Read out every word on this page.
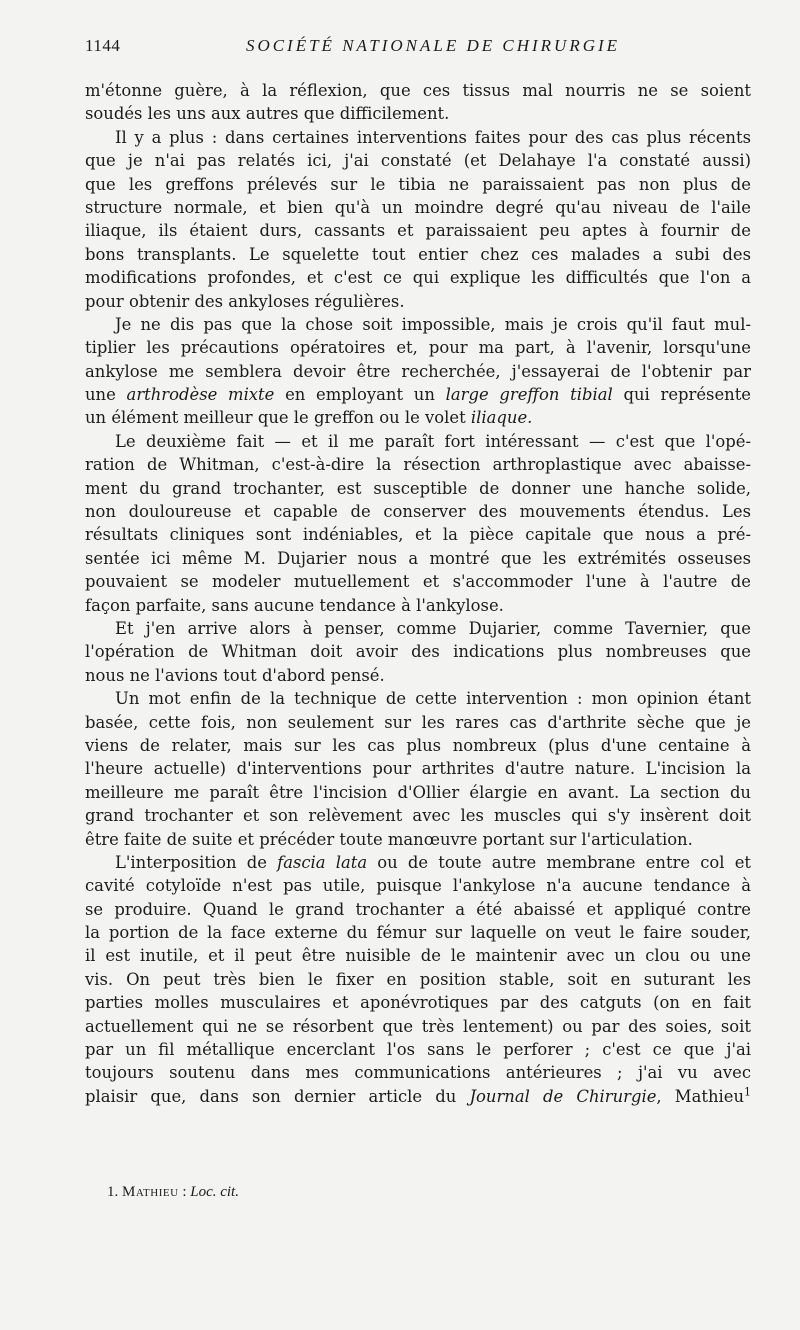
1144	SOCIÉTÉ NATIONALE DE CHIRURGIE
m'étonne guère, à la réflexion, que ces tissus mal nourris ne se soient
soudés les uns aux autres que difficilement.
Il y a plus : dans certaines interventions faites pour des cas plus récents
que je n'ai pas relatés ici, j'ai constaté (et Delahaye l'a constaté aussi)
que les greffons prélevés sur le tibia ne paraissaient pas non plus de
structure normale, et bien qu'à un moindre degré qu'au niveau de l'aile
iliaque, ils étaient durs, cassants et paraissaient peu aptes à fournir de
bons transplants. Le squelette tout entier chez ces malades a subi des
modifications profondes, et c'est ce qui explique les difficultés que l'on a
pour obtenir des ankyloses régulières.
Je ne dis pas que la chose soit impossible, mais je crois qu'il faut mul-
tiplier les précautions opératoires et, pour ma part, à l'avenir, lorsqu'une
ankylose me semblera devoir être recherchée, j'essayerai de l'obtenir par
une arthrodèse mixte en employant un large greffon tibial qui représente
un élément meilleur que le greffon ou le volet iliaque.
Le deuxième fait — et il me paraît fort intéressant — c'est que l'opé-
ration de Whitman, c'est-à-dire la résection arthroplastique avec abaisse-
ment du grand trochanter, est susceptible de donner une hanche solide,
non douloureuse et capable de conserver des mouvements étendus. Les
résultats cliniques sont indéniables, et la pièce capitale que nous a pré-
sentée ici même M. Dujarier nous a montré que les extrémités osseuses
pouvaient se modeler mutuellement et s'accommoder l'une à l'autre de
façon parfaite, sans aucune tendance à l'ankylose.
Et j'en arrive alors à penser, comme Dujarier, comme Tavernier, que
l'opération de Whitman doit avoir des indications plus nombreuses que
nous ne l'avions tout d'abord pensé.
Un mot enfin de la technique de cette intervention : mon opinion étant
basée, cette fois, non seulement sur les rares cas d'arthrite sèche que je
viens de relater, mais sur les cas plus nombreux (plus d'une centaine à
l'heure actuelle) d'interventions pour arthrites d'autre nature. L'incision la
meilleure me paraît être l'incision d'Ollier élargie en avant. La section du
grand trochanter et son relèvement avec les muscles qui s'y insèrent doit
être faite de suite et précéder toute manœuvre portant sur l'articulation.
L'interposition de fascia lata ou de toute autre membrane entre col et
cavité cotyloïde n'est pas utile, puisque l'ankylose n'a aucune tendance à
se produire. Quand le grand trochanter a été abaissé et appliqué contre
la portion de la face externe du fémur sur laquelle on veut le faire souder,
il est inutile, et il peut être nuisible de le maintenir avec un clou ou une
vis. On peut très bien le fixer en position stable, soit en suturant les
parties molles musculaires et aponévrotiques par des catguts (on en fait
actuellement qui ne se résorbent que très lentement) ou par des soies, soit
par un fil métallique encerclant l'os sans le perforer ; c'est ce que j'ai
toujours soutenu dans mes communications antérieures ; j'ai vu avec
plaisir que, dans son dernier article du Journal de Chirurgie, Mathieu$^1$
1. Mathieu : Loc. cit.
